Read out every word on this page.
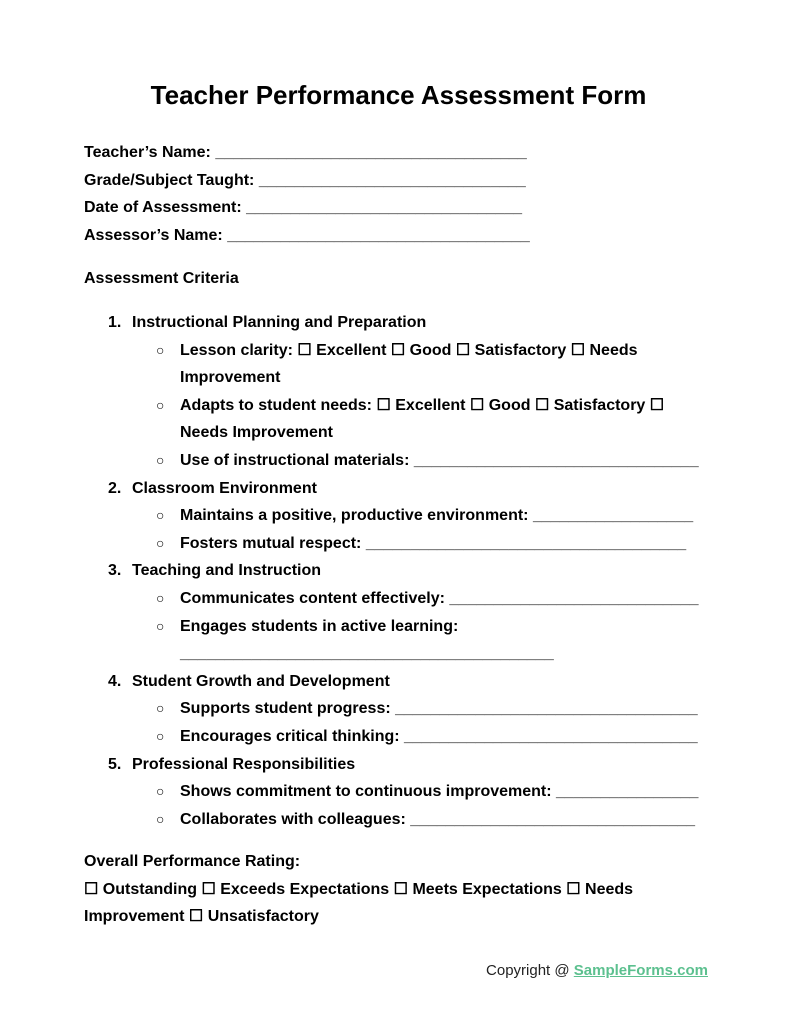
Teacher Performance Assessment Form
Teacher’s Name: ___________________________________
Grade/Subject Taught: ______________________________
Date of Assessment: _______________________________
Assessor’s Name: __________________________________
Assessment Criteria
1. Instructional Planning and Preparation
○ Lesson clarity: ☐ Excellent ☐ Good ☐ Satisfactory ☐ Needs Improvement
○ Adapts to student needs: ☐ Excellent ☐ Good ☐ Satisfactory ☐ Needs Improvement
○ Use of instructional materials: ________________________________
2. Classroom Environment
○ Maintains a positive, productive environment: __________________
○ Fosters mutual respect: ____________________________________
3. Teaching and Instruction
○ Communicates content effectively: ____________________________
○ Engages students in active learning: __________________________________________
4. Student Growth and Development
○ Supports student progress: __________________________________
○ Encourages critical thinking: _________________________________
5. Professional Responsibilities
○ Shows commitment to continuous improvement: ________________
○ Collaborates with colleagues: ________________________________
Overall Performance Rating:
☐ Outstanding ☐ Exceeds Expectations ☐ Meets Expectations ☐ Needs Improvement ☐ Unsatisfactory
Copyright @ SampleForms.com
